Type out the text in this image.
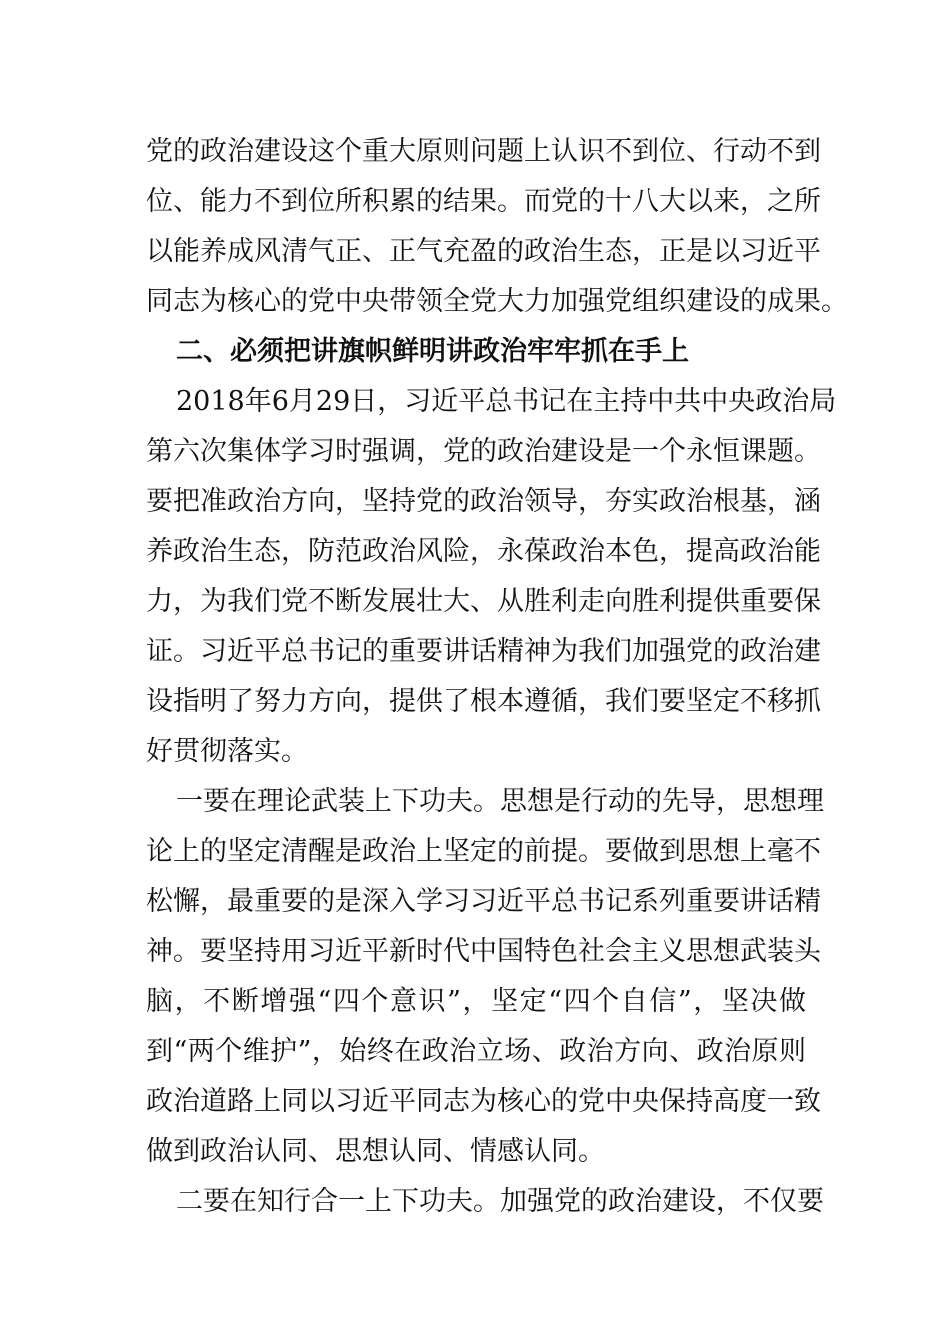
党的政治建设这个重大原则问题上认识不到位、行动不到
位、能力不到位所积累的结果。而党的十八大以来，之所
以能养成风清气正、正气充盈的政治生态，正是以习近平
同志为核心的党中央带领全党大力加强党组织建设的成果。
二、必须把讲旗帜鲜明讲政治牢牢抓在手上
2018年6月29日，习近平总书记在主持中共中央政治局
第六次集体学习时强调，党的政治建设是一个永恒课题。
要把准政治方向，坚持党的政治领导，夯实政治根基，涵
养政治生态，防范政治风险，永葆政治本色，提高政治能
力，为我们党不断发展壮大、从胜利走向胜利提供重要保
证。习近平总书记的重要讲话精神为我们加强党的政治建
设指明了努力方向，提供了根本遵循，我们要坚定不移抓
好贯彻落实。
一要在理论武装上下功夫。思想是行动的先导，思想理
论上的坚定清醒是政治上坚定的前提。要做到思想上毫不
松懈，最重要的是深入学习习近平总书记系列重要讲话精
神。要坚持用习近平新时代中国特色社会主义思想武装头
脑，不断增强“四个意识”，坚定“四个自信”，坚决做
到“两个维护”，始终在政治立场、政治方向、政治原则
政治道路上同以习近平同志为核心的党中央保持高度一致
做到政治认同、思想认同、情感认同。
二要在知行合一上下功夫。加强党的政治建设，不仅要
